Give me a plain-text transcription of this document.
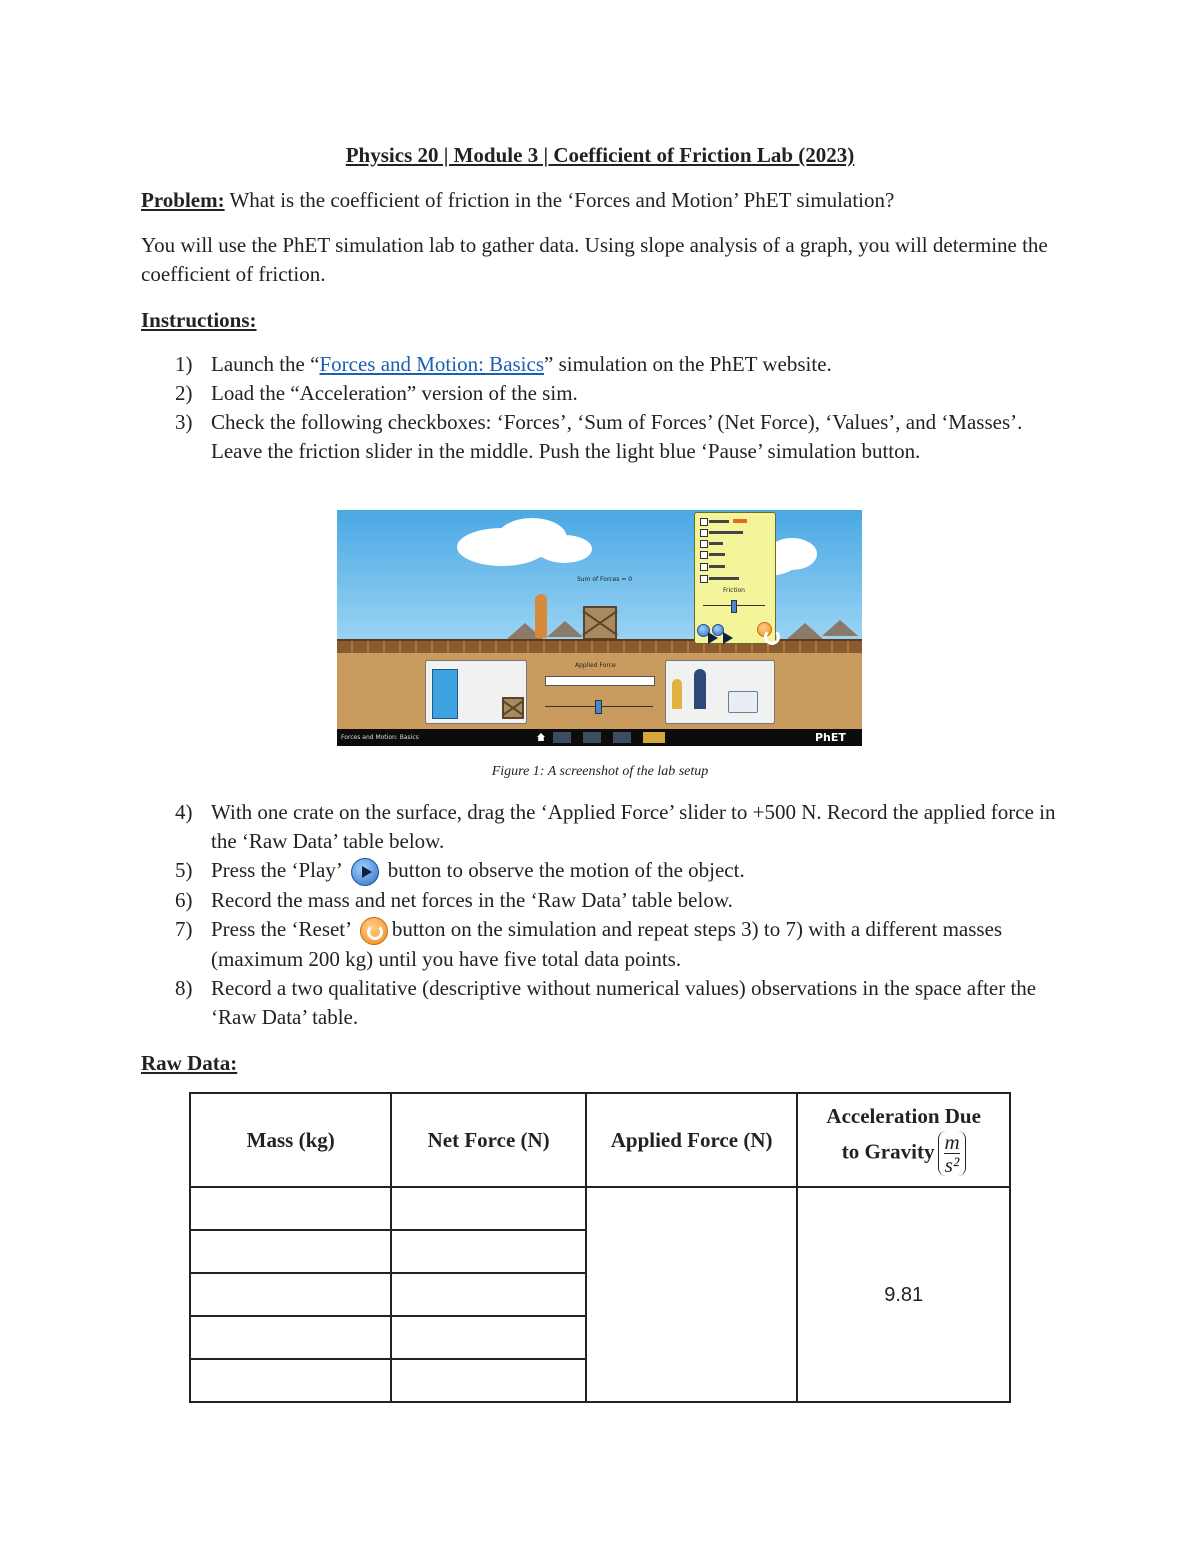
Physics 20 | Module 3 | Coefficient of Friction Lab (2023)
Problem: What is the coefficient of friction in the ‘Forces and Motion’ PhET simulation?
You will use the PhET simulation lab to gather data. Using slope analysis of a graph, you will determine the coefficient of friction.
Instructions:
1) Launch the “Forces and Motion: Basics” simulation on the PhET website.
2) Load the “Acceleration” version of the sim.
3) Check the following checkboxes: ‘Forces’, ‘Sum of Forces’ (Net Force), ‘Values’, and ‘Masses’. Leave the friction slider in the middle. Push the light blue ‘Pause’ simulation button.
Sum of Forces = 0
Friction
Applied Force
Forces and Motion: Basics	PhET
Figure 1: A screenshot of the lab setup
4) With one crate on the surface, drag the ‘Applied Force’ slider to +500 N. Record the applied force in the ‘Raw Data’ table below.
5) Press the ‘Play’  button to observe the motion of the object.
6) Record the mass and net forces in the ‘Raw Data’ table below.
7) Press the ‘Reset’ button on the simulation and repeat steps 3) to 7) with a different masses (maximum 200 kg) until you have five total data points.
8) Record a two qualitative (descriptive without numerical values) observations in the space after the ‘Raw Data’ table.
Raw Data:
Mass (kg)	Net Force (N)	Applied Force (N)	Acceleration Due
to Gravity $\frac{m}{\text{s²}}$

			9.81
